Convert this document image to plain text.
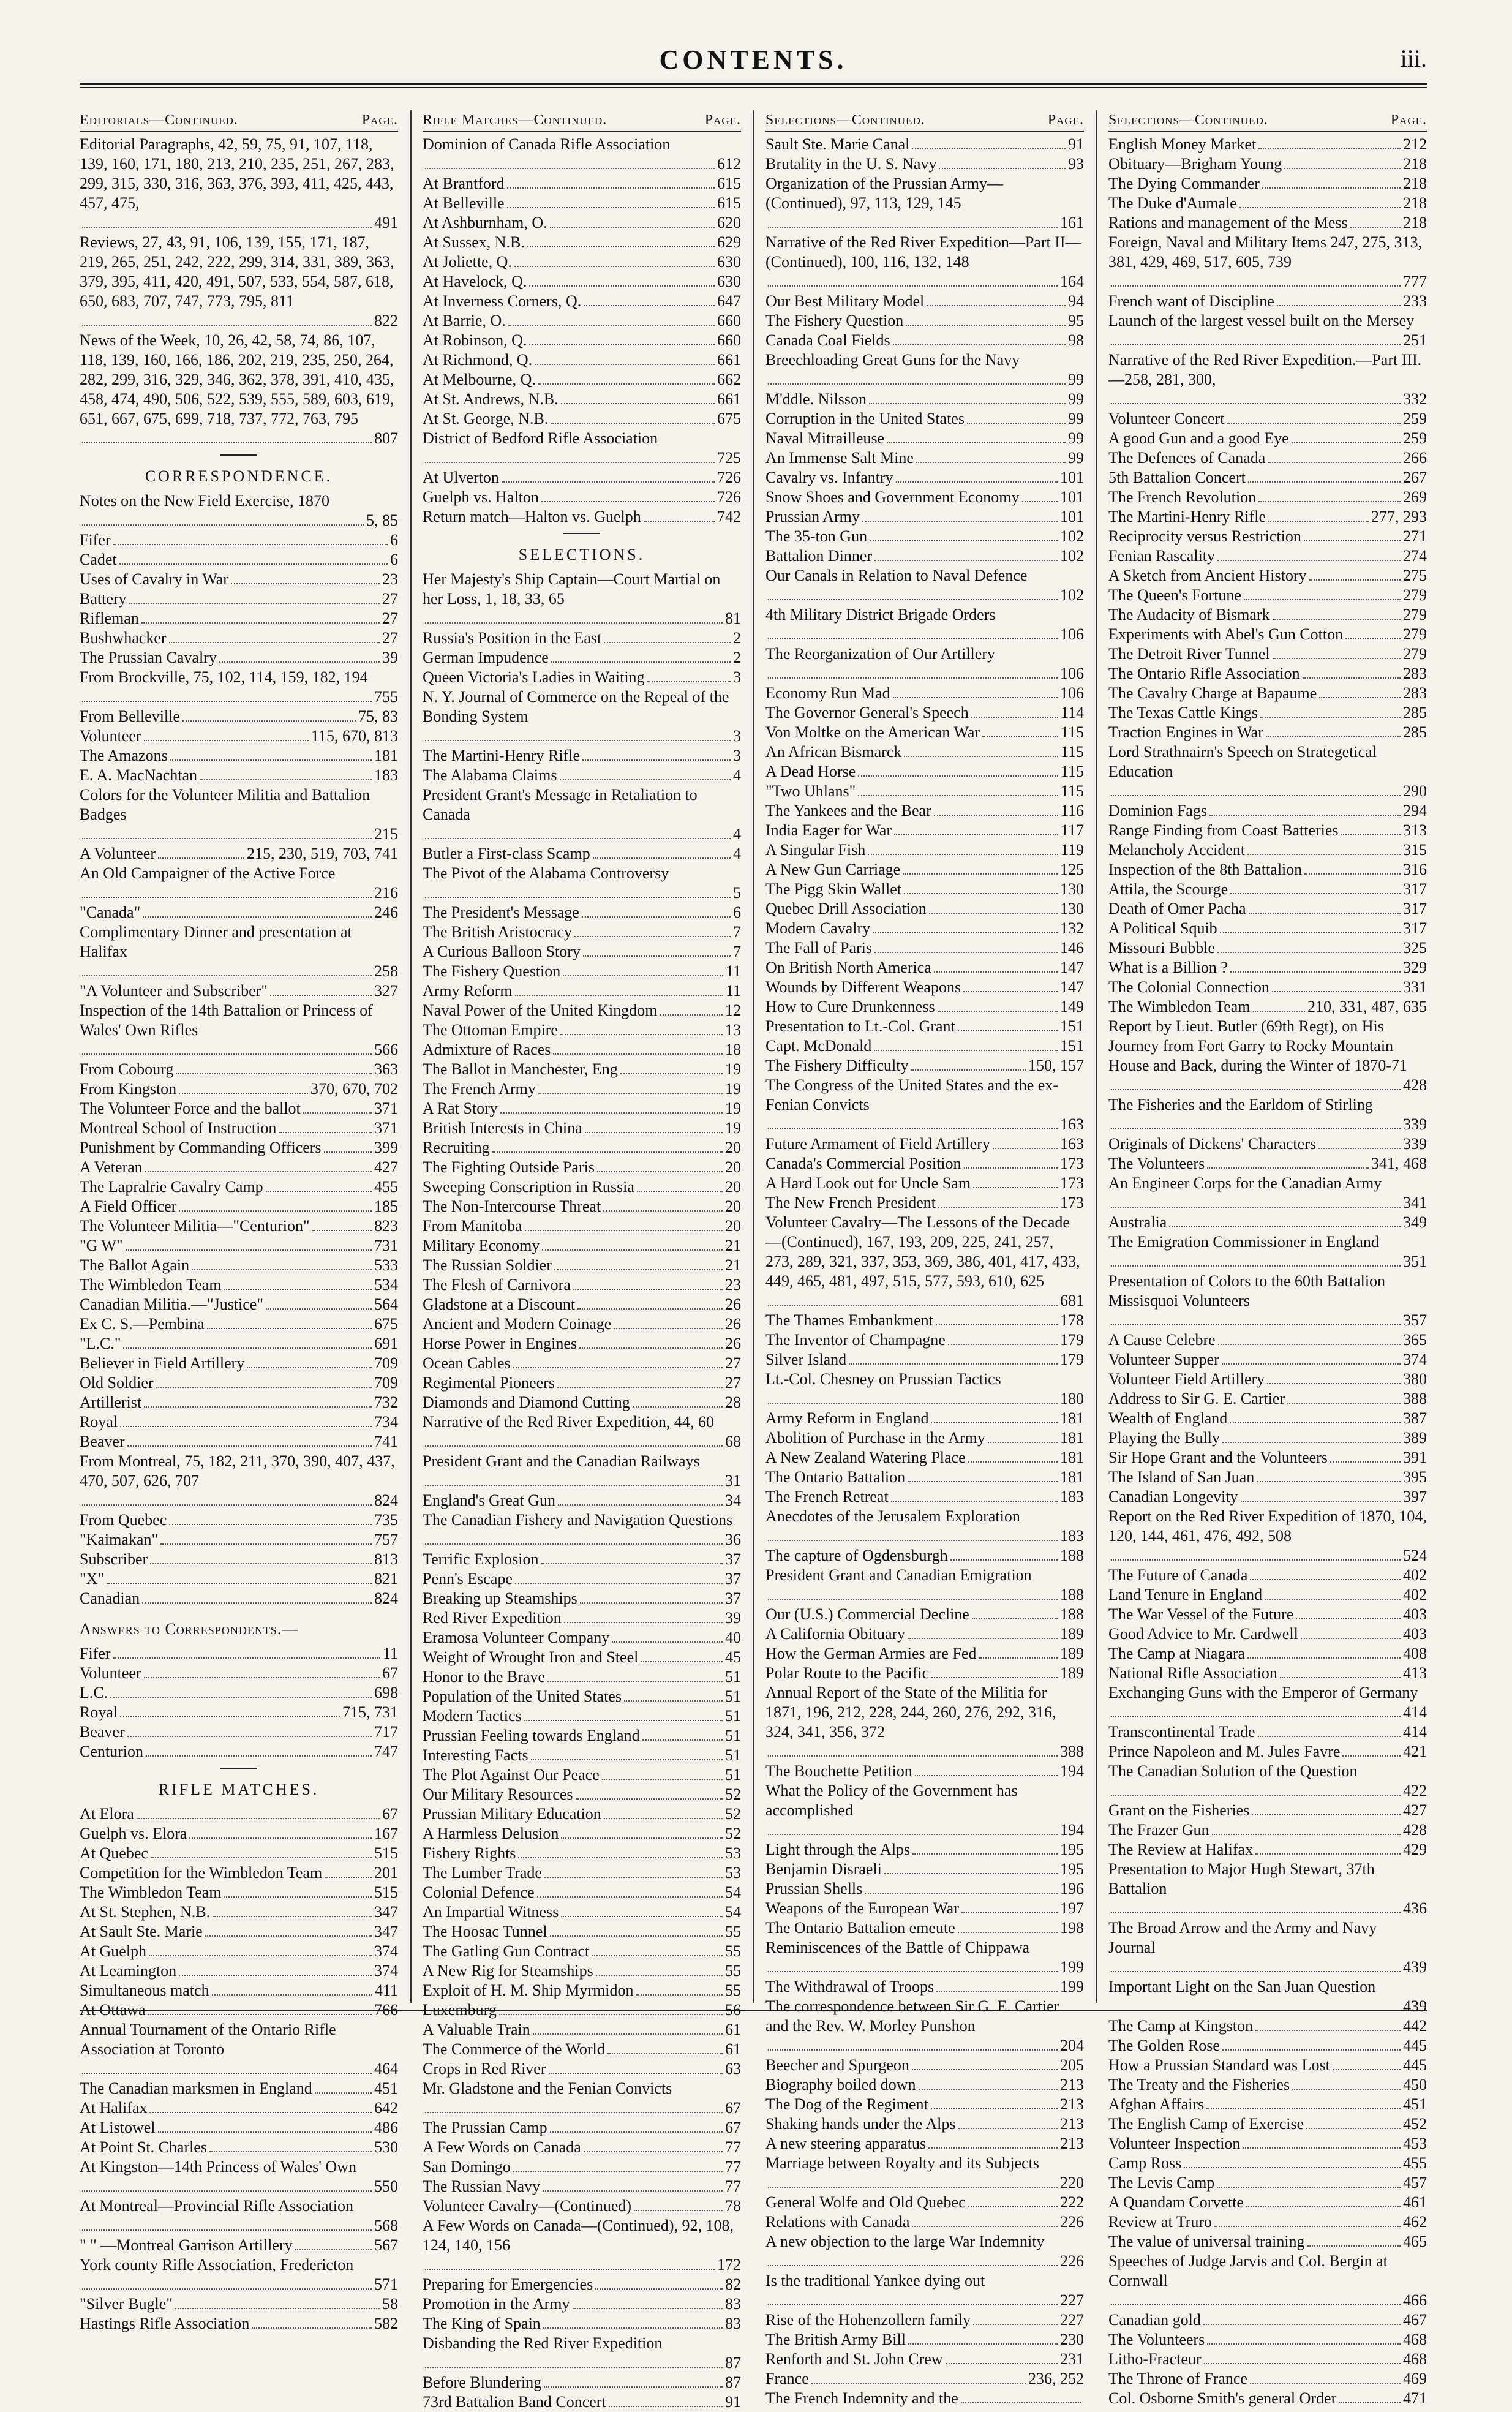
CONTENTS.	iii.
Editorials—Continued.	Page.
Editorial Paragraphs, 42, 59, 75, 91, 107, 118, 139, 160, 171, 180, 213, 210, 235, 251, 267, 283, 299, 315, 330, 316, 363, 376, 393, 411, 425, 443, 457, 475,
491
Reviews, 27, 43, 91, 106, 139, 155, 171, 187, 219, 265, 251, 242, 222, 299, 314, 331, 389, 363, 379, 395, 411, 420, 491, 507, 533, 554, 587, 618, 650, 683, 707, 747, 773, 795, 811
822
News of the Week, 10, 26, 42, 58, 74, 86, 107, 118, 139, 160, 166, 186, 202, 219, 235, 250, 264, 282, 299, 316, 329, 346, 362, 378, 391, 410, 435, 458, 474, 490, 506, 522, 539, 555, 589, 603, 619, 651, 667, 675, 699, 718, 737, 772, 763, 795
807
CORRESPONDENCE.
Notes on the New Field Exercise, 1870
5, 85
Fifer	6
Cadet	6
Uses of Cavalry in War	23
Battery	27
Rifleman	27
Bushwhacker	27
The Prussian Cavalry	39
From Brockville, 75, 102, 114, 159, 182, 194
755
From Belleville	75, 83
Volunteer	115, 670, 813
The Amazons	181
E. A. MacNachtan	183
Colors for the Volunteer Militia and Battalion Badges
215
A Volunteer	215, 230, 519, 703, 741
An Old Campaigner of the Active Force
216
"Canada"	246
Complimentary Dinner and presentation at Halifax
258
"A Volunteer and Subscriber"	327
Inspection of the 14th Battalion or Princess of Wales' Own Rifles
566
From Cobourg	363
From Kingston	370, 670, 702
The Volunteer Force and the ballot	371
Montreal School of Instruction	371
Punishment by Commanding Officers	399
A Veteran	427
The Lapralrie Cavalry Camp	455
A Field Officer	185
The Volunteer Militia—"Centurion"	823
"G W"	731
The Ballot Again	533
The Wimbledon Team	534
Canadian Militia.—"Justice"	564
Ex C. S.—Pembina	675
"L.C."	691
Believer in Field Artillery	709
Old Soldier	709
Artillerist	732
Royal	734
Beaver	741
From Montreal, 75, 182, 211, 370, 390, 407, 437, 470, 507, 626, 707
824
From Quebec	735
"Kaimakan"	757
Subscriber	813
"X"	821
Canadian	824
Answers to Correspondents.—
Fifer	11
Volunteer	67
L.C.	698
Royal	715, 731
Beaver	717
Centurion	747
RIFLE MATCHES.
At Elora	67
Guelph vs. Elora	167
At Quebec	515
Competition for the Wimbledon Team	201
The Wimbledon Team	515
At St. Stephen, N.B.	347
At Sault Ste. Marie	347
At Guelph	374
At Leamington	374
Simultaneous match	411
At Ottawa	766
Annual Tournament of the Ontario Rifle Association at Toronto
464
The Canadian marksmen in England	451
At Halifax	642
At Listowel	486
At Point St. Charles	530
At Kingston—14th Princess of Wales' Own
550
At Montreal—Provincial Rifle Association
568
" " —Montreal Garrison Artillery	567
York county Rifle Association, Fredericton
571
"Silver Bugle"	58
Hastings Rifle Association	582
Rifle Matches—Continued.	Page.
Dominion of Canada Rifle Association
612
At Brantford	615
At Belleville	615
At Ashburnham, O.	620
At Sussex, N.B.	629
At Joliette, Q.	630
At Havelock, Q.	630
At Inverness Corners, Q.	647
At Barrie, O.	660
At Robinson, Q.	660
At Richmond, Q.	661
At Melbourne, Q.	662
At St. Andrews, N.B.	661
At St. George, N.B.	675
District of Bedford Rifle Association
725
At Ulverton	726
Guelph vs. Halton	726
Return match—Halton vs. Guelph	742
SELECTIONS.
Her Majesty's Ship Captain—Court Martial on her Loss, 1, 18, 33, 65
81
Russia's Position in the East	2
German Impudence	2
Queen Victoria's Ladies in Waiting	3
N. Y. Journal of Commerce on the Repeal of the Bonding System
3
The Martini-Henry Rifle	3
The Alabama Claims	4
President Grant's Message in Retaliation to Canada
4
Butler a First-class Scamp	4
The Pivot of the Alabama Controversy
5
The President's Message	6
The British Aristocracy	7
A Curious Balloon Story	7
The Fishery Question	11
Army Reform	11
Naval Power of the United Kingdom	12
The Ottoman Empire	13
Admixture of Races	18
The Ballot in Manchester, Eng	19
The French Army	19
A Rat Story	19
British Interests in China	19
Recruiting	20
The Fighting Outside Paris	20
Sweeping Conscription in Russia	20
The Non-Intercourse Threat	20
From Manitoba	20
Military Economy	21
The Russian Soldier	21
The Flesh of Carnivora	23
Gladstone at a Discount	26
Ancient and Modern Coinage	26
Horse Power in Engines	26
Ocean Cables	27
Regimental Pioneers	27
Diamonds and Diamond Cutting	28
Narrative of the Red River Expedition, 44, 60
68
President Grant and the Canadian Railways
31
England's Great Gun	34
The Canadian Fishery and Navigation Questions
36
Terrific Explosion	37
Penn's Escape	37
Breaking up Steamships	37
Red River Expedition	39
Eramosa Volunteer Company	40
Weight of Wrought Iron and Steel	45
Honor to the Brave	51
Population of the United States	51
Modern Tactics	51
Prussian Feeling towards England	51
Interesting Facts	51
The Plot Against Our Peace	51
Our Military Resources	52
Prussian Military Education	52
A Harmless Delusion	52
Fishery Rights	53
The Lumber Trade	53
Colonial Defence	54
An Impartial Witness	54
The Hoosac Tunnel	55
The Gatling Gun Contract	55
A New Rig for Steamships	55
Exploit of H. M. Ship Myrmidon	55
Luxemburg	56
A Valuable Train	61
The Commerce of the World	61
Crops in Red River	63
Mr. Gladstone and the Fenian Convicts
67
The Prussian Camp	67
A Few Words on Canada	77
San Domingo	77
The Russian Navy	77
Volunteer Cavalry—(Continued)	78
A Few Words on Canada—(Continued), 92, 108, 124, 140, 156
172
Preparing for Emergencies	82
Promotion in the Army	83
The King of Spain	83
Disbanding the Red River Expedition
87
Before Blundering	87
73rd Battalion Band Concert	91
Selections—Continued.	Page.
Sault Ste. Marie Canal	91
Brutality in the U. S. Navy	93
Organization of the Prussian Army—(Continued), 97, 113, 129, 145
161
Narrative of the Red River Expedition—Part II—(Continued), 100, 116, 132, 148
164
Our Best Military Model	94
The Fishery Question	95
Canada Coal Fields	98
Breechloading Great Guns for the Navy
99
M'ddle. Nilsson	99
Corruption in the United States	99
Naval Mitrailleuse	99
An Immense Salt Mine	99
Cavalry vs. Infantry	101
Snow Shoes and Government Economy	101
Prussian Army	101
The 35-ton Gun	102
Battalion Dinner	102
Our Canals in Relation to Naval Defence
102
4th Military District Brigade Orders
106
The Reorganization of Our Artillery
106
Economy Run Mad	106
The Governor General's Speech	114
Von Moltke on the American War	115
An African Bismarck	115
A Dead Horse	115
"Two Uhlans"	115
The Yankees and the Bear	116
India Eager for War	117
A Singular Fish	119
A New Gun Carriage	125
The Pigg Skin Wallet	130
Quebec Drill Association	130
Modern Cavalry	132
The Fall of Paris	146
On British North America	147
Wounds by Different Weapons	147
How to Cure Drunkenness	149
Presentation to Lt.-Col. Grant	151
Capt. McDonald	151
The Fishery Difficulty	150, 157
The Congress of the United States and the ex-Fenian Convicts
163
Future Armament of Field Artillery	163
Canada's Commercial Position	173
A Hard Look out for Uncle Sam	173
The New French President	173
Volunteer Cavalry—The Lessons of the Decade—(Continued), 167, 193, 209, 225, 241, 257, 273, 289, 321, 337, 353, 369, 386, 401, 417, 433, 449, 465, 481, 497, 515, 577, 593, 610, 625
681
The Thames Embankment	178
The Inventor of Champagne	179
Silver Island	179
Lt.-Col. Chesney on Prussian Tactics
180
Army Reform in England	181
Abolition of Purchase in the Army	181
A New Zealand Watering Place	181
The Ontario Battalion	181
The French Retreat	183
Anecdotes of the Jerusalem Exploration
183
The capture of Ogdensburgh	188
President Grant and Canadian Emigration
188
Our (U.S.) Commercial Decline	188
A California Obituary	189
How the German Armies are Fed	189
Polar Route to the Pacific	189
Annual Report of the State of the Militia for 1871, 196, 212, 228, 244, 260, 276, 292, 316, 324, 341, 356, 372
388
The Bouchette Petition	194
What the Policy of the Government has accomplished
194
Light through the Alps	195
Benjamin Disraeli	195
Prussian Shells	196
Weapons of the European War	197
The Ontario Battalion emeute	198
Reminiscences of the Battle of Chippawa
199
The Withdrawal of Troops	199
The correspondence between Sir G. E. Cartier and the Rev. W. Morley Punshon
204
Beecher and Spurgeon	205
Biography boiled down	213
The Dog of the Regiment	213
Shaking hands under the Alps	213
A new steering apparatus	213
Marriage between Royalty and its Subjects
220
General Wolfe and Old Quebec	222
Relations with Canada	226
A new objection to the large War Indemnity
226
Is the traditional Yankee dying out
227
Rise of the Hohenzollern family	227
The British Army Bill	230
Renforth and St. John Crew	231
France	236, 252
The French Indemnity and the
Selections—Continued.	Page.
English Money Market	212
Obituary—Brigham Young	218
The Dying Commander	218
The Duke d'Aumale	218
Rations and management of the Mess	218
Foreign, Naval and Military Items 247, 275, 313, 381, 429, 469, 517, 605, 739
777
French want of Discipline	233
Launch of the largest vessel built on the Mersey
251
Narrative of the Red River Expedition.—Part III.—258, 281, 300,
332
Volunteer Concert	259
A good Gun and a good Eye	259
The Defences of Canada	266
5th Battalion Concert	267
The French Revolution	269
The Martini-Henry Rifle	277, 293
Reciprocity versus Restriction	271
Fenian Rascality	274
A Sketch from Ancient History	275
The Queen's Fortune	279
The Audacity of Bismark	279
Experiments with Abel's Gun Cotton	279
The Detroit River Tunnel	279
The Ontario Rifle Association	283
The Cavalry Charge at Bapaume	283
The Texas Cattle Kings	285
Traction Engines in War	285
Lord Strathnairn's Speech on Strategetical Education
290
Dominion Fags	294
Range Finding from Coast Batteries	313
Melancholy Accident	315
Inspection of the 8th Battalion	316
Attila, the Scourge	317
Death of Omer Pacha	317
A Political Squib	317
Missouri Bubble	325
What is a Billion ?	329
The Colonial Connection	331
The Wimbledon Team	210, 331, 487, 635
Report by Lieut. Butler (69th Regt), on His Journey from Fort Garry to Rocky Mountain House and Back, during the Winter of 1870-71
428
The Fisheries and the Earldom of Stirling
339
Originals of Dickens' Characters	339
The Volunteers	341, 468
An Engineer Corps for the Canadian Army
341
Australia	349
The Emigration Commissioner in England
351
Presentation of Colors to the 60th Battalion Missisquoi Volunteers
357
A Cause Celebre	365
Volunteer Supper	374
Volunteer Field Artillery	380
Address to Sir G. E. Cartier	388
Wealth of England	387
Playing the Bully	389
Sir Hope Grant and the Volunteers	391
The Island of San Juan	395
Canadian Longevity	397
Report on the Red River Expedition of 1870, 104, 120, 144, 461, 476, 492, 508
524
The Future of Canada	402
Land Tenure in England	402
The War Vessel of the Future	403
Good Advice to Mr. Cardwell	403
The Camp at Niagara	408
National Rifle Association	413
Exchanging Guns with the Emperor of Germany
414
Transcontinental Trade	414
Prince Napoleon and M. Jules Favre	421
The Canadian Solution of the Question
422
Grant on the Fisheries	427
The Frazer Gun	428
The Review at Halifax	429
Presentation to Major Hugh Stewart, 37th Battalion
436
The Broad Arrow and the Army and Navy Journal
439
Important Light on the San Juan Question
439
The Camp at Kingston	442
The Golden Rose	445
How a Prussian Standard was Lost	445
The Treaty and the Fisheries	450
Afghan Affairs	451
The English Camp of Exercise	452
Volunteer Inspection	453
Camp Ross	455
The Levis Camp	457
A Quandam Corvette	461
Review at Truro	462
The value of universal training	465
Speeches of Judge Jarvis and Col. Bergin at Cornwall
466
Canadian gold	467
The Volunteers	468
Litho-Fracteur	468
The Throne of France	469
Col. Osborne Smith's general Order	471
